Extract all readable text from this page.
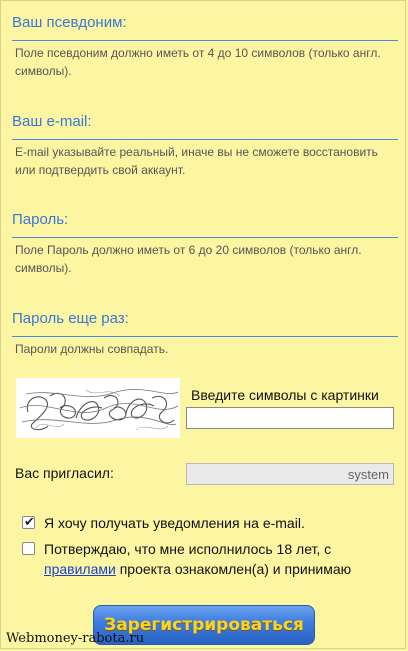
Ваш псевдоним:
Поле псевдоним должно иметь от 4 до 10 символов (только англ. символы).
Ваш e-mail:
E-mail указывайте реальный, иначе вы не сможете восстановить или подтвердить свой аккаунт.
Пароль:
Поле Пароль должно иметь от 6 до 20 символов (только англ. символы).
Пароль еще раз:
Пароли должны совпадать.
Введите символы с картинки
Вас пригласил:
system
✔ Я хочу получать уведомления на e-mail.
Потверждаю, что мне исполнилось 18 лет, с правилами проекта ознакомлен(а) и принимаю
Зарегистрироваться
Webmoney-rabota.ru
